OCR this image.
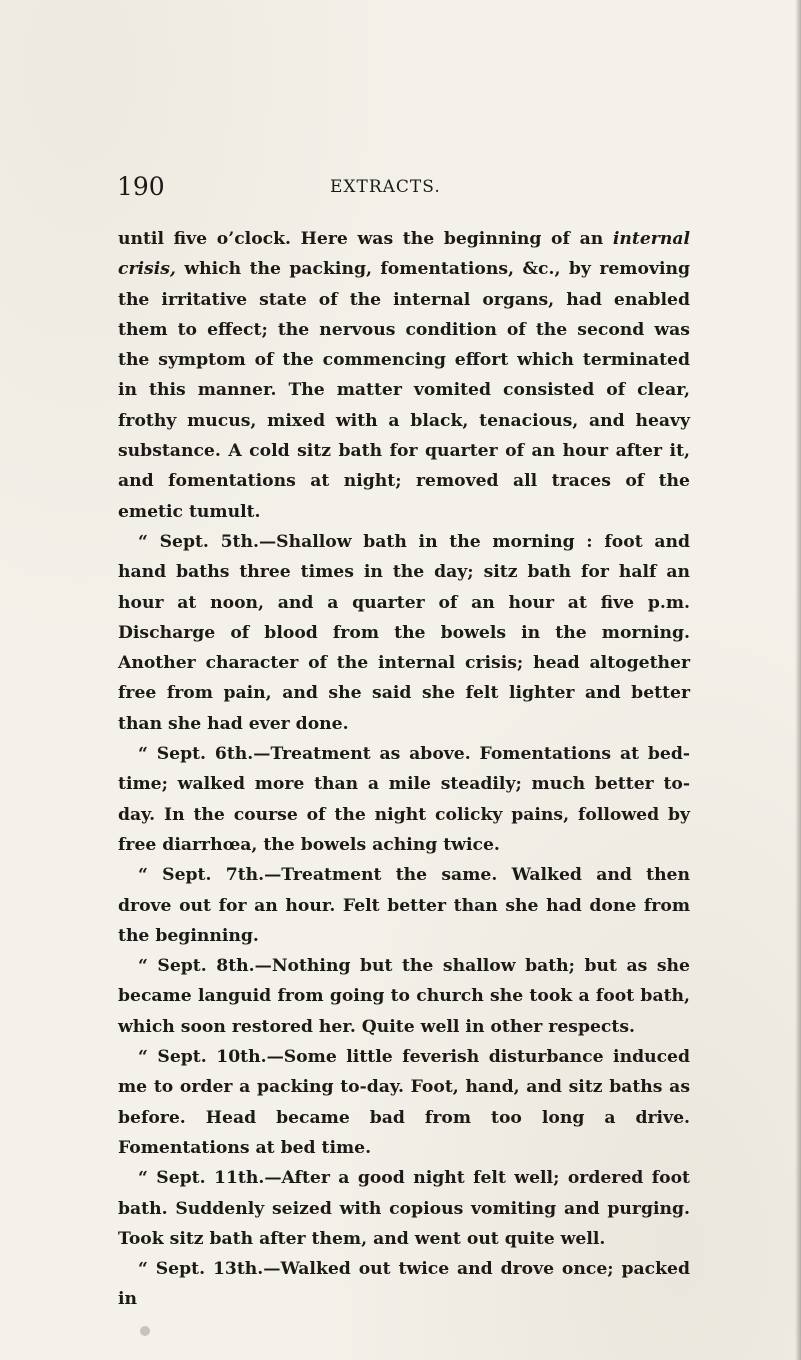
190	EXTRACTS.

until five o’clock. Here was the beginning of an internal crisis, which the packing, fomentations, &c., by removing the irritative state of the internal organs, had enabled them to effect; the nervous condition of the second was the symptom of the commencing effort which terminated in this manner. The matter vomited consisted of clear, frothy mucus, mixed with a black, tenacious, and heavy substance. A cold sitz bath for quarter of an hour after it, and fomentations at night; removed all traces of the emetic tumult.

“ Sept. 5th.—Shallow bath in the morning : foot and hand baths three times in the day; sitz bath for half an hour at noon, and a quarter of an hour at five p.m. Discharge of blood from the bowels in the morning. Another character of the internal crisis; head altogether free from pain, and she said she felt lighter and better than she had ever done.

“ Sept. 6th.—Treatment as above. Fomentations at bed-time; walked more than a mile steadily; much better to-day. In the course of the night colicky pains, followed by free diarrhœa, the bowels aching twice.

“ Sept. 7th.—Treatment the same. Walked and then drove out for an hour. Felt better than she had done from the beginning.

“ Sept. 8th.—Nothing but the shallow bath; but as she became languid from going to church she took a foot bath, which soon restored her. Quite well in other respects.

“ Sept. 10th.—Some little feverish disturbance induced me to order a packing to-day. Foot, hand, and sitz baths as before. Head became bad from too long a drive. Fomentations at bed time.

“ Sept. 11th.—After a good night felt well; ordered foot bath. Suddenly seized with copious vomiting and purging. Took sitz bath after them, and went out quite well.

“ Sept. 13th.—Walked out twice and drove once; packed in
